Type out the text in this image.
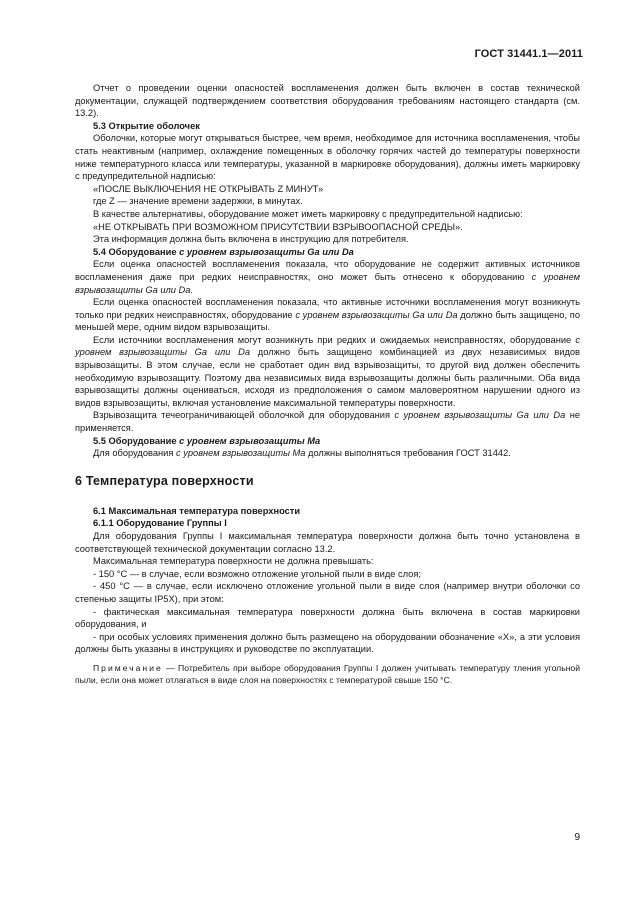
ГОСТ 31441.1—2011

Отчет о проведении оценки опасностей воспламенения должен быть включен в состав технической документации, служащей подтверждением соответствия оборудования требованиям настоящего стандарта (см. 13.2).

5.3 Открытие оболочек

Оболочки, которые могут открываться быстрее, чем время, необходимое для источника воспламенения, чтобы стать неактивным (например, охлаждение помещенных в оболочку горячих частей до температуры поверхности ниже температурного класса или температуры, указанной в маркировке оборудования), должны иметь маркировку с предупредительной надписью:

«ПОСЛЕ ВЫКЛЮЧЕНИЯ НЕ ОТКРЫВАТЬ Z МИНУТ»

где Z — значение времени задержки, в минутах.

В качестве альтернативы, оборудование может иметь маркировку с предупредительной надписью:

«НЕ ОТКРЫВАТЬ ПРИ ВОЗМОЖНОМ ПРИСУТСТВИИ ВЗРЫВООПАСНОЙ СРЕДЫ».

Эта информация должна быть включена в инструкцию для потребителя.

5.4 Оборудование с уровнем взрывозащиты Ga или Da

Если оценка опасностей воспламенения показала, что оборудование не содержит активных источников воспламенения даже при редких неисправностях, оно может быть отнесено к оборудованию с уровнем взрывозащиты Ga или Da.

Если оценка опасностей воспламенения показала, что активные источники воспламенения могут возникнуть только при редких неисправностях, оборудование с уровнем взрывозащиты Ga или Da должно быть защищено, по меньшей мере, одним видом взрывозащиты.

Если источники воспламенения могут возникнуть при редких и ожидаемых неисправностях, оборудование с уровнем взрывозащиты Ga или Da должно быть защищено комбинацией из двух независимых видов взрывозащиты. В этом случае, если не сработает один вид взрывозащиты, то другой вид должен обеспечить необходимую взрывозащиту. Поэтому два независимых вида взрывозащиты должны быть различными. Оба вида взрывозащиты должны оцениваться, исходя из предположения о самом маловероятном нарушении одного из видов взрывозащиты, включая установление максимальной температуры поверхности.

Взрывозащита течеограничивающей оболочкой для оборудования с уровнем взрывозащиты Ga или Da не применяется.

5.5 Оборудование с уровнем взрывозащиты Ma

Для оборудования с уровнем взрывозащиты Ma должны выполняться требования ГОСТ 31442.

6 Температура поверхности

6.1 Максимальная температура поверхности

6.1.1 Оборудование Группы I

Для оборудования Группы I максимальная температура поверхности должна быть точно установлена в соответствующей технической документации согласно 13.2.

Максимальная температура поверхности не должна превышать:

- 150 °C — в случае, если возможно отложение угольной пыли в виде слоя;

- 450 °C — в случае, если исключено отложение угольной пыли в виде слоя (например внутри оболочки со степенью защиты IP5X), при этом:

- фактическая максимальная температура поверхности должна быть включена в состав маркировки оборудования, и

- при особых условиях применения должно быть размещено на оборудовании обозначение «X», а эти условия должны быть указаны в инструкциях и руководстве по эксплуатации.

Примечание — Потребитель при выборе оборудования Группы I должен учитывать температуру тления угольной пыли, если она может отлагаться в виде слоя на поверхностях с температурой свыше 150 °C.

9
